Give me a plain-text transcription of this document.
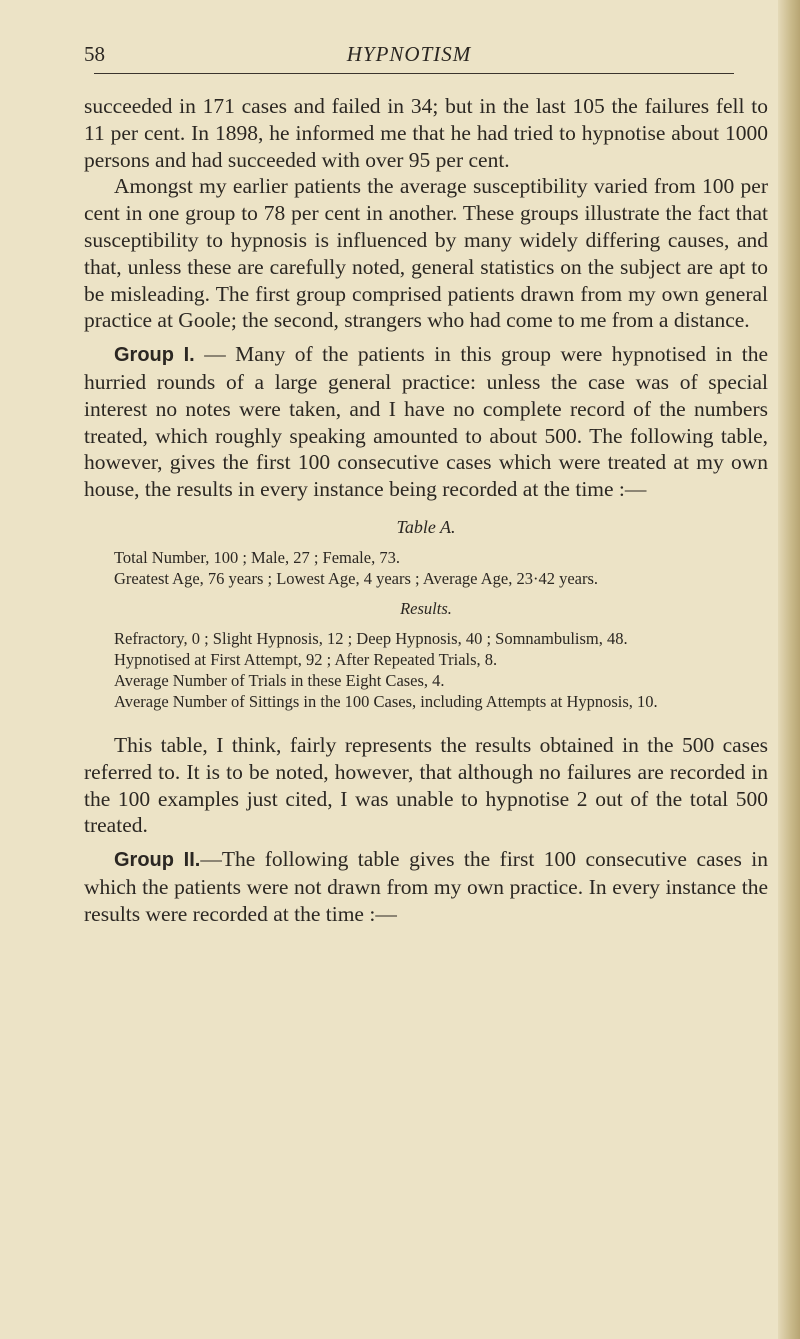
58	HYPNOTISM

succeeded in 171 cases and failed in 34; but in the last 105 the failures fell to 11 per cent. In 1898, he informed me that he had tried to hypnotise about 1000 persons and had succeeded with over 95 per cent.

Amongst my earlier patients the average susceptibility varied from 100 per cent in one group to 78 per cent in another. These groups illustrate the fact that susceptibility to hypnosis is influenced by many widely differing causes, and that, unless these are carefully noted, general statistics on the subject are apt to be misleading. The first group comprised patients drawn from my own general practice at Goole; the second, strangers who had come to me from a distance.

Group I. — Many of the patients in this group were hypnotised in the hurried rounds of a large general practice: unless the case was of special interest no notes were taken, and I have no complete record of the numbers treated, which roughly speaking amounted to about 500. The following table, however, gives the first 100 consecutive cases which were treated at my own house, the results in every instance being recorded at the time :—

Table A.

Total Number, 100 ; Male, 27 ; Female, 73.

Greatest Age, 76 years ; Lowest Age, 4 years ; Average Age, 23·42 years.

Results.

Refractory, 0 ; Slight Hypnosis, 12 ; Deep Hypnosis, 40 ; Somnambulism, 48.

Hypnotised at First Attempt, 92 ; After Repeated Trials, 8.

Average Number of Trials in these Eight Cases, 4.

Average Number of Sittings in the 100 Cases, including Attempts at Hypnosis, 10.

This table, I think, fairly represents the results obtained in the 500 cases referred to. It is to be noted, however, that although no failures are recorded in the 100 examples just cited, I was unable to hypnotise 2 out of the total 500 treated.

Group II.—The following table gives the first 100 consecutive cases in which the patients were not drawn from my own practice. In every instance the results were recorded at the time :—
